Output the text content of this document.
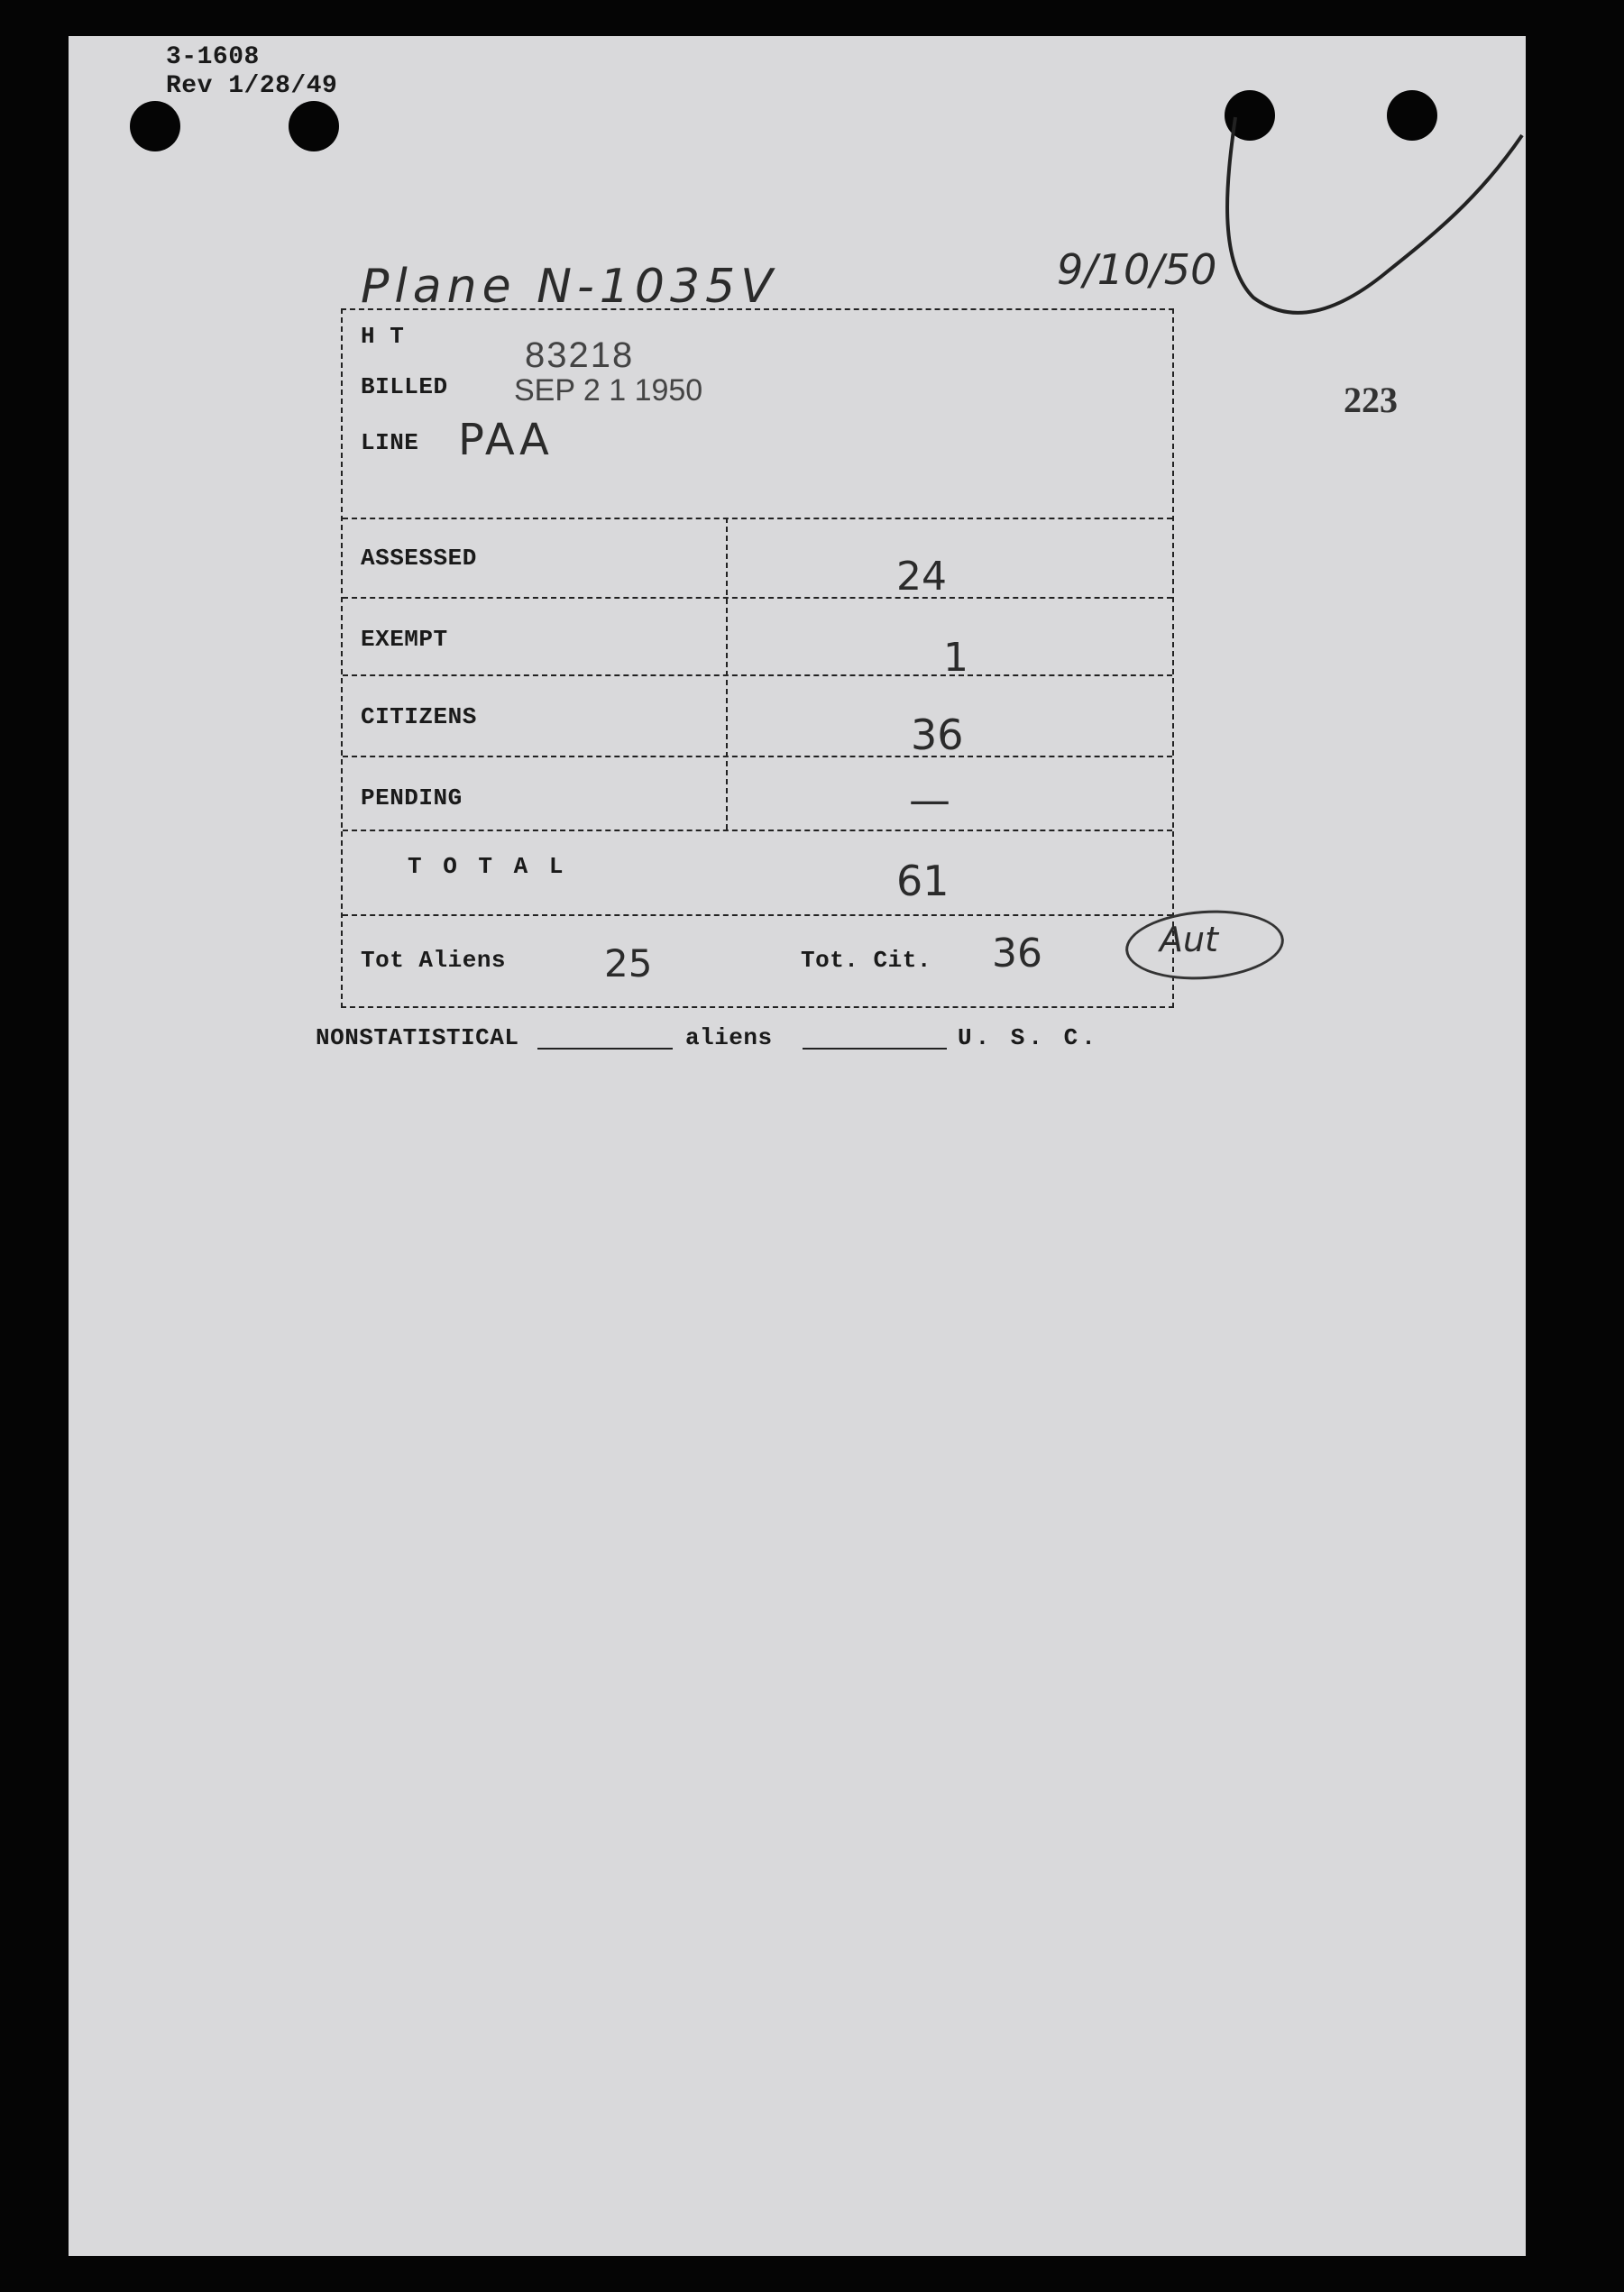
3-1608
Rev 1/28/49
Plane N-1035V	9/10/50
223
H T	83218
BILLED SEP 2 1 1950
LINE PAA
ASSESSED	24
EXEMPT	1
CITIZENS	36
PENDING	—
T O T A L	61
Tot Aliens	25	Tot. Cit. 36	Aut
NONSTATISTICAL	aliens	U. S. C.
